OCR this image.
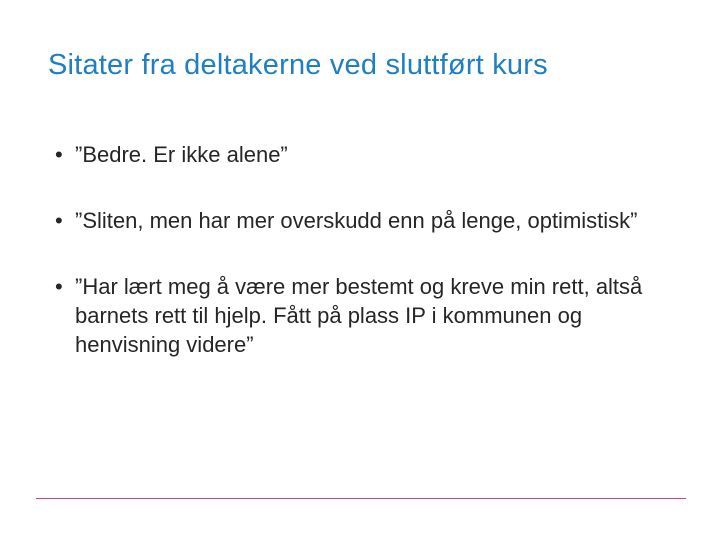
Sitater fra deltakerne ved sluttført kurs
• ”Bedre. Er ikke alene”
• ”Sliten, men har mer overskudd enn på lenge, optimistisk”
• ”Har lært meg å være mer bestemt og kreve min rett, altså barnets rett til hjelp. Fått på plass IP i kommunen og henvisning videre”
